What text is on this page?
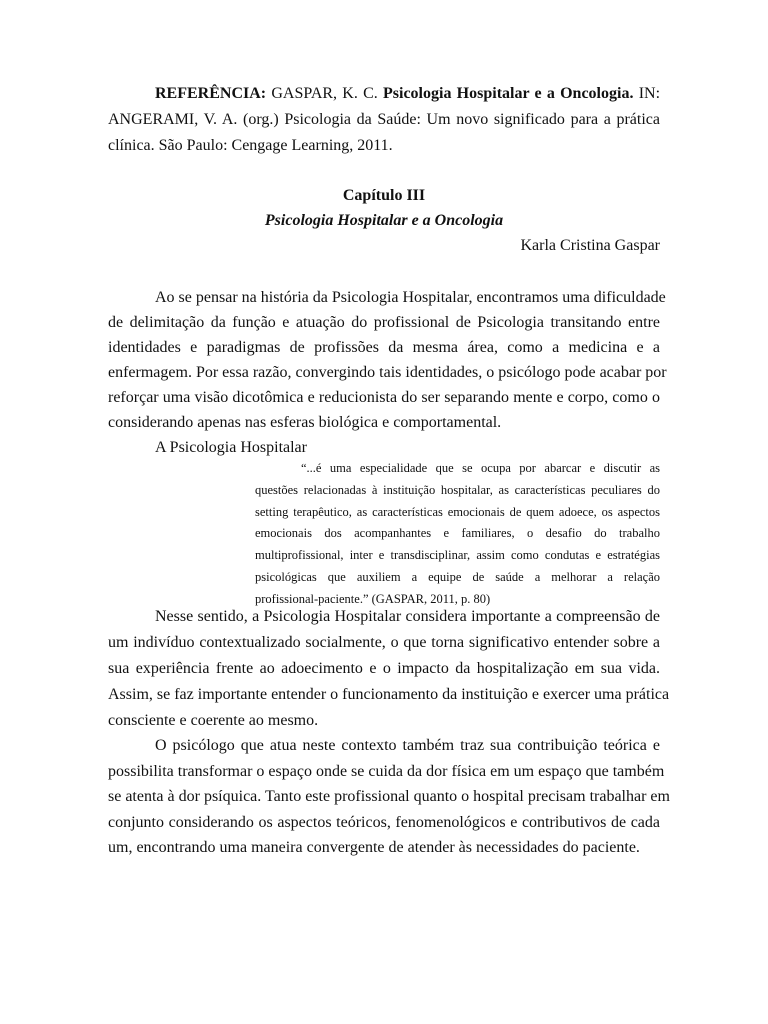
REFERÊNCIA: GASPAR, K. C. Psicologia Hospitalar e a Oncologia. IN:
ANGERAMI, V. A. (org.) Psicologia da Saúde: Um novo significado para a prática
clínica. São Paulo: Cengage Learning, 2011.
Capítulo III
Psicologia Hospitalar e a Oncologia
Karla Cristina Gaspar
Ao se pensar na história da Psicologia Hospitalar, encontramos uma dificuldade
de delimitação da função e atuação do profissional de Psicologia transitando entre
identidades e paradigmas de profissões da mesma área, como a medicina e a
enfermagem. Por essa razão, convergindo tais identidades, o psicólogo pode acabar por
reforçar uma visão dicotômica e reducionista do ser separando mente e corpo, como o
considerando apenas nas esferas biológica e comportamental.
A Psicologia Hospitalar
“...é uma especialidade que se ocupa por abarcar e discutir as
questões relacionadas à instituição hospitalar, as características peculiares do
setting terapêutico, as características emocionais de quem adoece, os aspectos
emocionais dos acompanhantes e familiares, o desafio do trabalho
multiprofissional, inter e transdisciplinar, assim como condutas e estratégias
psicológicas que auxiliem a equipe de saúde a melhorar a relação
profissional-paciente.” (GASPAR, 2011, p. 80)
Nesse sentido, a Psicologia Hospitalar considera importante a compreensão de
um indivíduo contextualizado socialmente, o que torna significativo entender sobre a
sua experiência frente ao adoecimento e o impacto da hospitalização em sua vida.
Assim, se faz importante entender o funcionamento da instituição e exercer uma prática
consciente e coerente ao mesmo.
O psicólogo que atua neste contexto também traz sua contribuição teórica e
possibilita transformar o espaço onde se cuida da dor física em um espaço que também
se atenta à dor psíquica. Tanto este profissional quanto o hospital precisam trabalhar em
conjunto considerando os aspectos teóricos, fenomenológicos e contributivos de cada
um, encontrando uma maneira convergente de atender às necessidades do paciente.
